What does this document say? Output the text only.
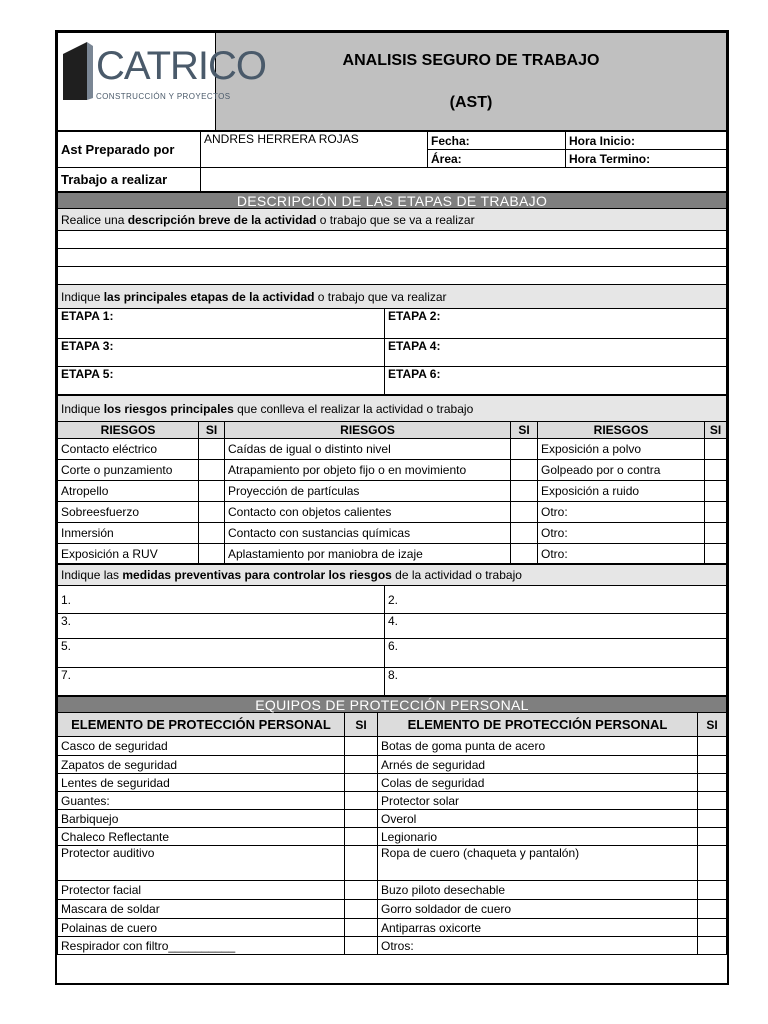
CATRICO
CONSTRUCCIÓN Y PROYECTOS

ANALISIS SEGURO DE TRABAJO
(AST)
Ast Preparado por	ANDRES HERRERA ROJAS	Fecha:	Hora Inicio:
		Área:	Hora Termino:
Trabajo a realizar			
DESCRIPCIÓN DE LAS ETAPAS DE TRABAJO	
Realice una descripción breve de la actividad o trabajo que se va a realizar	

Indique las principales etapas de la actividad o trabajo que va realizar	
ETAPA 1:	ETAPA 2:
ETAPA 3:	ETAPA 4:
ETAPA 5:	ETAPA 6:
Indique los riesgos principales que conlleva el realizar la actividad o trabajo					
RIESGOS	SI	RIESGOS	SI	RIESGOS	SI
Contacto eléctrico		Caídas de igual o distinto nivel		Exposición a polvo	
Corte o punzamiento		Atrapamiento por objeto fijo o en movimiento		Golpeado por o contra	
Atropello		Proyección de partículas		Exposición a ruido	
Sobreesfuerzo		Contacto con objetos calientes		Otro:	
Inmersión		Contacto con sustancias químicas		Otro:	
Exposición a RUV		Aplastamiento por maniobra de izaje		Otro:	
Indique las medidas preventivas para controlar los riesgos de la actividad o trabajo	
1.	2.
3.	4.
5.	6.
7.	8.
EQUIPOS DE PROTECCIÓN PERSONAL			
ELEMENTO DE PROTECCIÓN PERSONAL	SI	ELEMENTO DE PROTECCIÓN PERSONAL	SI
Casco de seguridad		Botas de goma punta de acero	
Zapatos de seguridad		Arnés de seguridad	
Lentes de seguridad		Colas de seguridad	
Guantes:		Protector solar	
Barbiquejo		Overol	
Chaleco Reflectante		Legionario	
Protector auditivo		Ropa de cuero (chaqueta y pantalón)	
Protector facial		Buzo piloto desechable	
Mascara de soldar		Gorro soldador de cuero	
Polainas de cuero		Antiparras oxicorte	
Respirador con filtro__________		Otros:	
